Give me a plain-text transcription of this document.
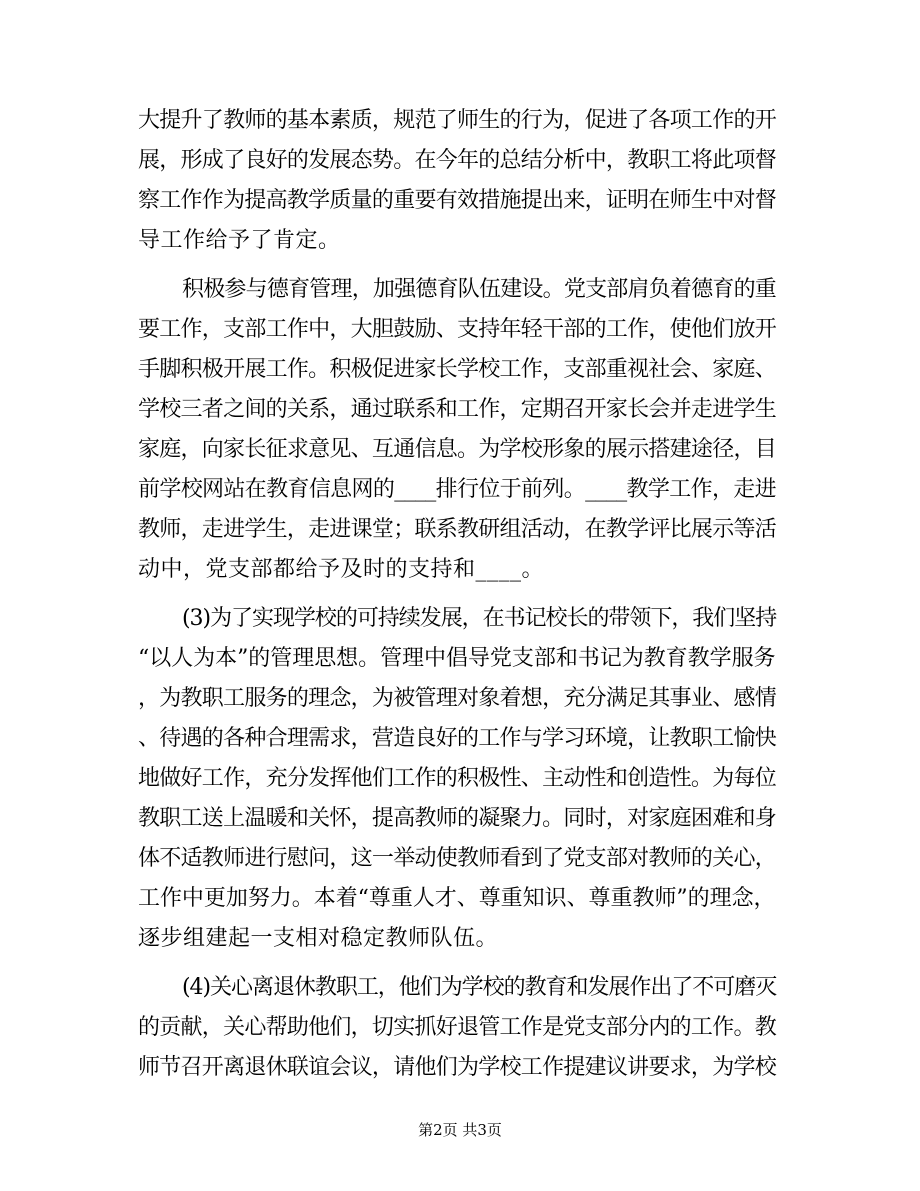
大提升了教师的基本素质，规范了师生的行为，促进了各项工作的开
展，形成了良好的发展态势。在今年的总结分析中，教职工将此项督
察工作作为提高教学质量的重要有效措施提出来，证明在师生中对督
导工作给予了肯定。
积极参与德育管理，加强德育队伍建设。党支部肩负着德育的重
要工作，支部工作中，大胆鼓励、支持年轻干部的工作，使他们放开
手脚积极开展工作。积极促进家长学校工作，支部重视社会、家庭、
学校三者之间的关系，通过联系和工作，定期召开家长会并走进学生
家庭，向家长征求意见、互通信息。为学校形象的展示搭建途径，目
前学校网站在教育信息网的____排行位于前列。____教学工作，走进
教师，走进学生，走进课堂；联系教研组活动，在教学评比展示等活
动中，党支部都给予及时的支持和____。
(3)为了实现学校的可持续发展，在书记校长的带领下，我们坚持
“以人为本”的管理思想。管理中倡导党支部和书记为教育教学服务
，为教职工服务的理念，为被管理对象着想，充分满足其事业、感情
、待遇的各种合理需求，营造良好的工作与学习环境，让教职工愉快
地做好工作，充分发挥他们工作的积极性、主动性和创造性。为每位
教职工送上温暖和关怀，提高教师的凝聚力。同时，对家庭困难和身
体不适教师进行慰问，这一举动使教师看到了党支部对教师的关心，
工作中更加努力。本着“尊重人才、尊重知识、尊重教师”的理念，
逐步组建起一支相对稳定教师队伍。
(4)关心离退休教职工，他们为学校的教育和发展作出了不可磨灭
的贡献，关心帮助他们，切实抓好退管工作是党支部分内的工作。教
师节召开离退休联谊会议，请他们为学校工作提建议讲要求，为学校
第2页 共3页
